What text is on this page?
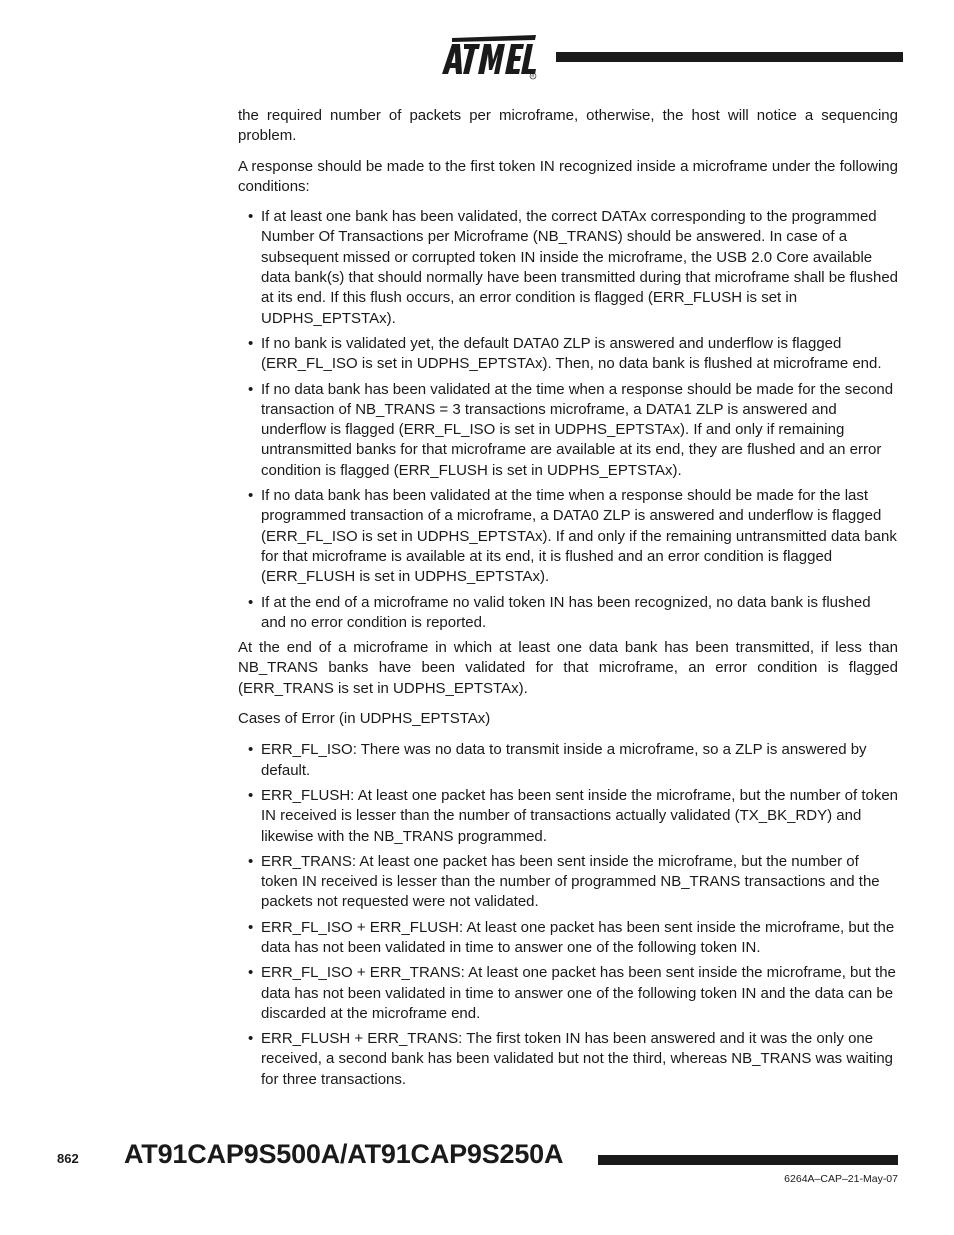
R

the required number of packets per microframe, otherwise, the host will notice a sequencing problem.

A response should be made to the first token IN recognized inside a microframe under the following conditions:

• If at least one bank has been validated, the correct DATAx corresponding to the programmed Number Of Transactions per Microframe (NB_TRANS) should be answered. In case of a subsequent missed or corrupted token IN inside the microframe, the USB 2.0 Core available data bank(s) that should normally have been transmitted during that microframe shall be flushed at its end. If this flush occurs, an error condition is flagged (ERR_FLUSH is set in UDPHS_EPTSTAx).
• If no bank is validated yet, the default DATA0 ZLP is answered and underflow is flagged (ERR_FL_ISO is set in UDPHS_EPTSTAx). Then, no data bank is flushed at microframe end.
• If no data bank has been validated at the time when a response should be made for the second transaction of NB_TRANS = 3 transactions microframe, a DATA1 ZLP is answered and underflow is flagged (ERR_FL_ISO is set in UDPHS_EPTSTAx). If and only if remaining untransmitted banks for that microframe are available at its end, they are flushed and an error condition is flagged (ERR_FLUSH is set in UDPHS_EPTSTAx).
• If no data bank has been validated at the time when a response should be made for the last programmed transaction of a microframe, a DATA0 ZLP is answered and underflow is flagged (ERR_FL_ISO is set in UDPHS_EPTSTAx). If and only if the remaining untransmitted data bank for that microframe is available at its end, it is flushed and an error condition is flagged (ERR_FLUSH is set in UDPHS_EPTSTAx).
• If at the end of a microframe no valid token IN has been recognized, no data bank is flushed and no error condition is reported.

At the end of a microframe in which at least one data bank has been transmitted, if less than NB_TRANS banks have been validated for that microframe, an error condition is flagged (ERR_TRANS is set in UDPHS_EPTSTAx).

Cases of Error (in UDPHS_EPTSTAx)

• ERR_FL_ISO: There was no data to transmit inside a microframe, so a ZLP is answered by default.
• ERR_FLUSH: At least one packet has been sent inside the microframe, but the number of token IN received is lesser than the number of transactions actually validated (TX_BK_RDY) and likewise with the NB_TRANS programmed.
• ERR_TRANS: At least one packet has been sent inside the microframe, but the number of token IN received is lesser than the number of programmed NB_TRANS transactions and the packets not requested were not validated.
• ERR_FL_ISO + ERR_FLUSH: At least one packet has been sent inside the microframe, but the data has not been validated in time to answer one of the following token IN.
• ERR_FL_ISO + ERR_TRANS: At least one packet has been sent inside the microframe, but the data has not been validated in time to answer one of the following token IN and the data can be discarded at the microframe end.
• ERR_FLUSH + ERR_TRANS: The first token IN has been answered and it was the only one received, a second bank has been validated but not the third, whereas NB_TRANS was waiting for three transactions.
862 AT91CAP9S500A/AT91CAP9S250A
6264A–CAP–21-May-07
